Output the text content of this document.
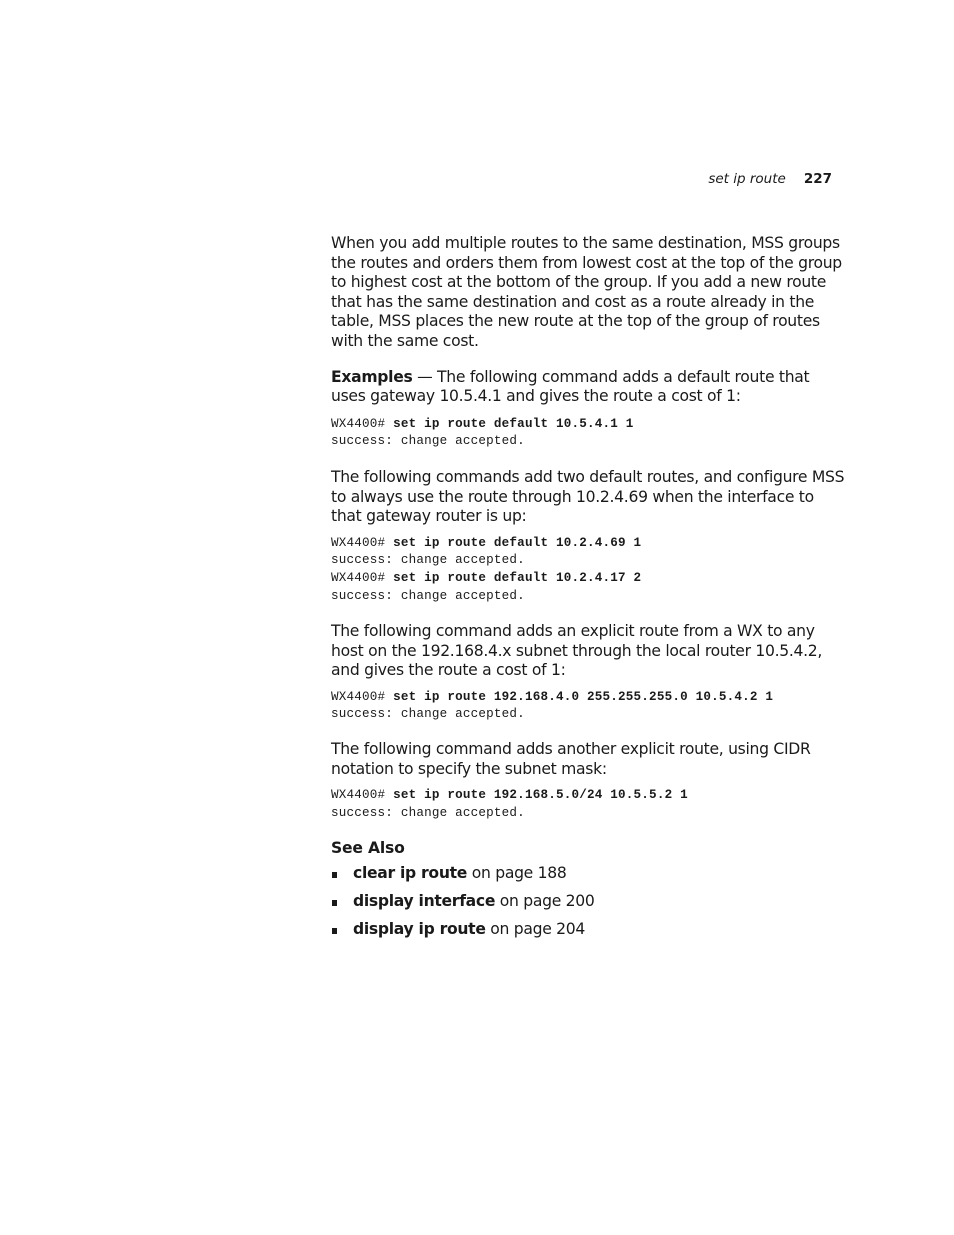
set ip route 227

When you add multiple routes to the same destination, MSS groups the routes and orders them from lowest cost at the top of the group to highest cost at the bottom of the group. If you add a new route that has the same destination and cost as a route already in the table, MSS places the new route at the top of the group of routes with the same cost.

Examples — The following command adds a default route that uses gateway 10.5.4.1 and gives the route a cost of 1:

WX4400# set ip route default 10.5.4.1 1
success: change accepted.

The following commands add two default routes, and configure MSS to always use the route through 10.2.4.69 when the interface to that gateway router is up:

WX4400# set ip route default 10.2.4.69 1
success: change accepted.
WX4400# set ip route default 10.2.4.17 2
success: change accepted.

The following command adds an explicit route from a WX to any host on the 192.168.4.x subnet through the local router 10.5.4.2, and gives the route a cost of 1:

WX4400# set ip route 192.168.4.0 255.255.255.0 10.5.4.2 1
success: change accepted.

The following command adds another explicit route, using CIDR notation to specify the subnet mask:

WX4400# set ip route 192.168.5.0/24 10.5.5.2 1
success: change accepted.
See Also
clear ip route on page 188
display interface on page 200
display ip route on page 204
